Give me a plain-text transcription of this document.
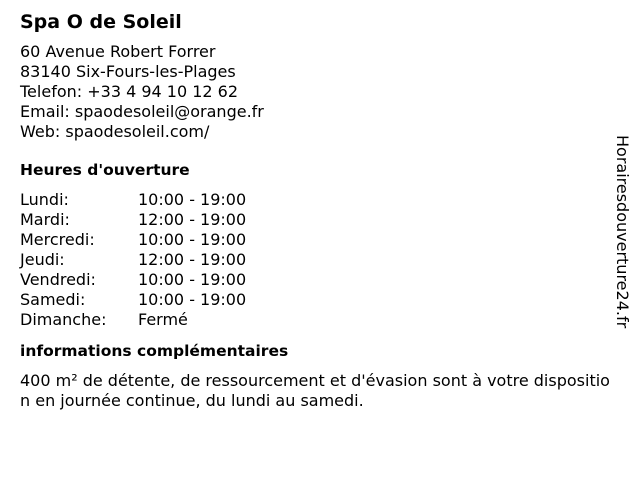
Spa O de Soleil
60 Avenue Robert Forrer
83140 Six-Fours-les-Plages
Telefon: +33 4 94 10 12 62
Email: spaodesoleil@orange.fr
Web: spaodesoleil.com/
Heures d'ouverture
Lundi:	10:00 - 19:00
Mardi:	12:00 - 19:00
Mercredi:	10:00 - 19:00
Jeudi:	12:00 - 19:00
Vendredi:	10:00 - 19:00
Samedi:	10:00 - 19:00
Dimanche:	Fermé
informations complémentaires
400 m² de détente, de ressourcement et d'évasion sont à votre disposition en journée continue, du lundi au samedi.
Horairesdouverture24.fr
